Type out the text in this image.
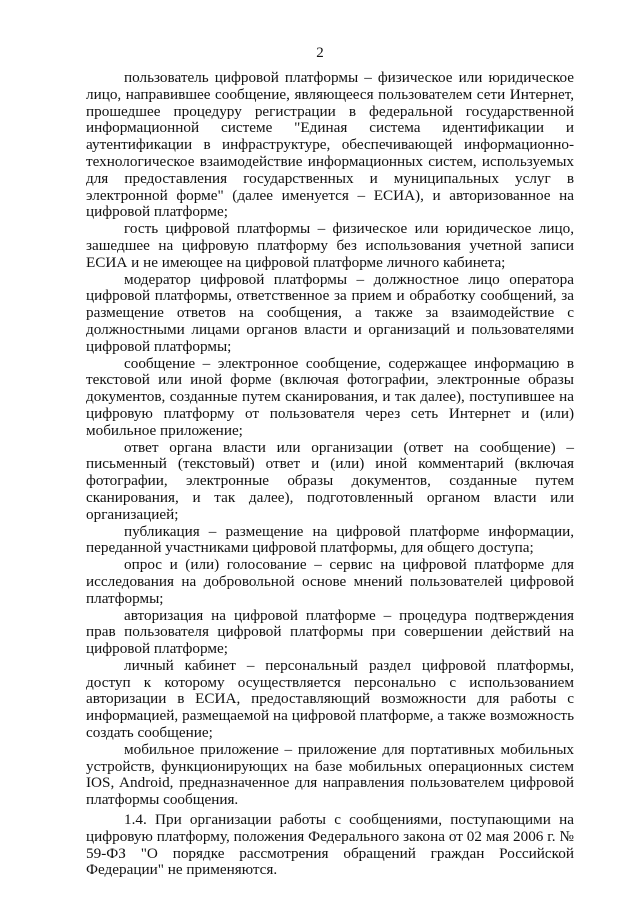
2

пользователь цифровой платформы – физическое или юридическое лицо, направившее сообщение, являющееся пользователем сети Интернет, прошедшее процедуру регистрации в федеральной государственной информационной системе "Единая система идентификации и аутентификации в инфраструктуре, обеспечивающей информационно-технологическое взаимодействие информационных систем, используемых для предоставления государственных и муниципальных услуг в электронной форме" (далее именуется – ЕСИА), и авторизованное на цифровой платформе;

гость цифровой платформы – физическое или юридическое лицо, зашедшее на цифровую платформу без использования учетной записи ЕСИА и не имеющее на цифровой платформе личного кабинета;

модератор цифровой платформы – должностное лицо оператора цифровой платформы, ответственное за прием и обработку сообщений, за размещение ответов на сообщения, а также за взаимодействие с должностными лицами органов власти и организаций и пользователями цифровой платформы;

сообщение – электронное сообщение, содержащее информацию в текстовой или иной форме (включая фотографии, электронные образы документов, созданные путем сканирования, и так далее), поступившее на цифровую платформу от пользователя через сеть Интернет и (или) мобильное приложение;

ответ органа власти или организации (ответ на сообщение) – письменный (текстовый) ответ и (или) иной комментарий (включая фотографии, электронные образы документов, созданные путем сканирования, и так далее), подготовленный органом власти или организацией;

публикация – размещение на цифровой платформе информации, переданной участниками цифровой платформы, для общего доступа;

опрос и (или) голосование – сервис на цифровой платформе для исследования на добровольной основе мнений пользователей цифровой платформы;

авторизация на цифровой платформе – процедура подтверждения прав пользователя цифровой платформы при совершении действий на цифровой платформе;

личный кабинет – персональный раздел цифровой платформы, доступ к которому осуществляется персонально с использованием авторизации в ЕСИА, предоставляющий возможности для работы с информацией, размещаемой на цифровой платформе, а также возможность создать сообщение;

мобильное приложение – приложение для портативных мобильных устройств, функционирующих на базе мобильных операционных систем IOS, Android, предназначенное для направления пользователем цифровой платформы сообщения.

1.4. При организации работы с сообщениями, поступающими на цифровую платформу, положения Федерального закона от 02 мая 2006 г. № 59-ФЗ "О порядке рассмотрения обращений граждан Российской Федерации" не применяются.
